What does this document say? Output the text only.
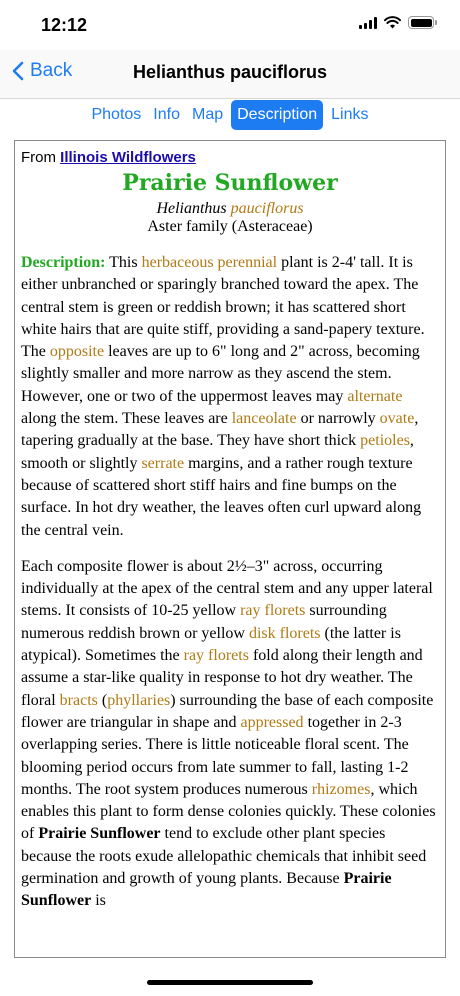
12:12
Back	Helianthus pauciflorus
Photos Info Map Description Links
From Illinois Wildflowers
Prairie Sunflower
Helianthus pauciflorus
Aster family (Asteraceae)

Description: This herbaceous perennial plant is 2-4' tall. It is either unbranched or sparingly branched toward the apex. The central stem is green or reddish brown; it has scattered short white hairs that are quite stiff, providing a sand-papery texture. The opposite leaves are up to 6" long and 2" across, becoming slightly smaller and more narrow as they ascend the stem. However, one or two of the uppermost leaves may alternate along the stem. These leaves are lanceolate or narrowly ovate, tapering gradually at the base. They have short thick petioles, smooth or slightly serrate margins, and a rather rough texture because of scattered short stiff hairs and fine bumps on the surface. In hot dry weather, the leaves often curl upward along the central vein.

Each composite flower is about 2½–3" across, occurring individually at the apex of the central stem and any upper lateral stems. It consists of 10-25 yellow ray florets surrounding numerous reddish brown or yellow disk florets (the latter is atypical). Sometimes the ray florets fold along their length and assume a star-like quality in response to hot dry weather. The floral bracts (phyllaries) surrounding the base of each composite flower are triangular in shape and appressed together in 2-3 overlapping series. There is little noticeable floral scent. The blooming period occurs from late summer to fall, lasting 1-2 months. The root system produces numerous rhizomes, which enables this plant to form dense colonies quickly. These colonies of Prairie Sunflower tend to exclude other plant species because the roots exude allelopathic chemicals that inhibit seed germination and growth of young plants. Because Prairie Sunflower is
